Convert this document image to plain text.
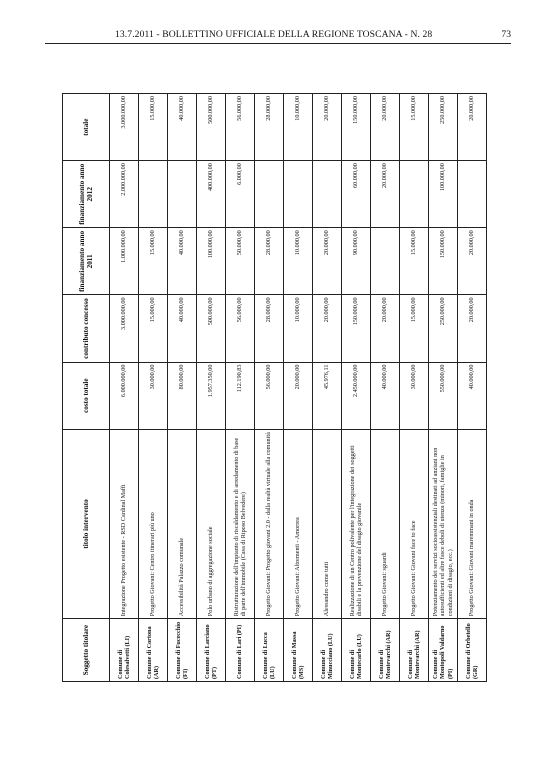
13.7.2011 - BOLLETTINO UFFICIALE DELLA REGIONE TOSCANA - N. 28	73
Soggetto titolare	titolo intervento	costo totale	contributo concesso	finanziamento anno 2011	finanziamento anno 2012	totale
Comune di Colesalvetti (LI)	Integrazione Progetto esistente - RSD Cardinal Maffi	6.000.000,00	3.000.000,00	1.000.000,00	2.000.000,00	3.000.000,00
Comune di Cortona (AR)	Progetto Giovani: Centro itinerari più uno	30.000,00	15.000,00	15.000,00		15.000,00
Comune di Fucecchio (FI)	Accessibilità Palazzo comunale	80.000,00	40.000,00	40.000,00		40.000,00
Comune di Larciano (PT)	Polo urbano di aggregazione sociale	1.957.350,00	500.000,00	100.000,00	400.000,00	500.000,00
Comune di Lari (PI)	Ristrutturazione dell'impianto di riscaldamento e di arredamento di base di parte dell'immobile (Casa di Riposo Belvedere)	112.190,83	56.000,00	50.000,00	6.000,00	56.000,00
Comune di Lucca (LU)	Progetto Giovani: Progetto giovani 2.0 - dalla realtà virtuale alla comunità	56.000,00	28.000,00	28.000,00		28.000,00
Comune di Massa (MS)	Progetto Giovani: Altrementi - Amorrea	20.000,00	10.000,00	10.000,00		10.000,00
Comune di Minucciano (LU)	Alessandro come tutti	45.976,11	20.000,00	20.000,00		20.000,00
Comune di Montecarlo (LU)	Realizzazione di un Centro polivalente per l'integrazione dei soggetti disabili e la prevenzione del disagio giovanile	2.450.000,00	150.000,00	90.000,00	60.000,00	150.000,00
Comune di Montevarchi (AR)	Progetto Giovani: sguardi	40.000,00	20.000,00		20.000,00	20.000,00
Comune di Montevarchi (AR)	Progetto Giovani: Giovani face to face	30.000,00	15.000,00	15.000,00		15.000,00
Comune di Montopoli Valdarno (PI)	Potenziamento dei servizi socioassistenziali destinati ad anziani non autosufficienti ed altre fasce deboli di utenza (minori, famiglie in condizioni di disagio, ecc.)	550.000,00	250.000,00	150.000,00	100.000,00	250.000,00
Comune di Orbetello (GR)	Progetto Giovani: Giovani maremmani in onda	40.000,00	20.000,00	20.000,00		20.000,00
